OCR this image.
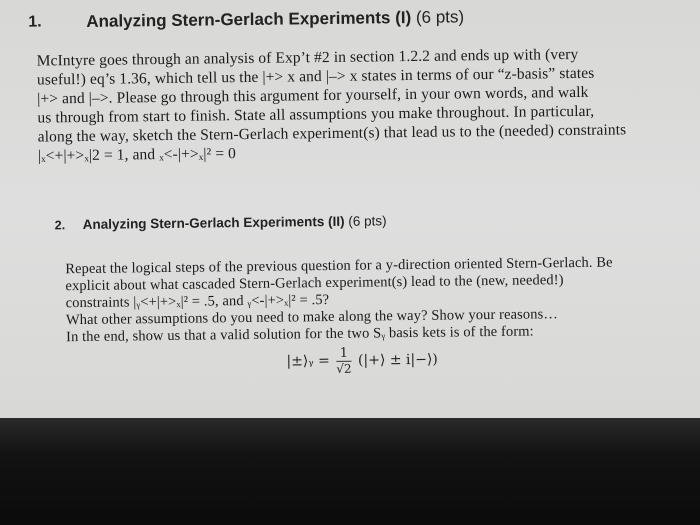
1.	Analyzing Stern-Gerlach Experiments (I) (6 pts)
McIntyre goes through an analysis of Exp’t #2 in section 1.2.2 and ends up with (very
useful!) eq’s 1.36, which tell us the |+> x and |–> x states in terms of our “z-basis” states
|+> and |–>. Please go through this argument for yourself, in your own words, and walk
us through from start to finish. State all assumptions you make throughout. In particular,
along the way, sketch the Stern-Gerlach experiment(s) that lead us to the (needed) constraints
|ₓ<+|+>ₓ|2 = 1, and ₓ<-|+>ₓ|² = 0
2. Analyzing Stern-Gerlach Experiments (II) (6 pts)
Repeat the logical steps of the previous question for a y-direction oriented Stern-Gerlach. Be
explicit about what cascaded Stern-Gerlach experiment(s) lead to the (new, needed!)
constraints |ᵧ<+|+>ₓ|² = .5, and ᵧ<-|+>ₓ|² = .5?
What other assumptions do you need to make along the way? Show your reasons…
In the end, show us that a valid solution for the two Sᵧ basis kets is of the form:
|±⟩ᵧ = $\frac{1}{√2}$ (|+⟩ ± i|−⟩)
